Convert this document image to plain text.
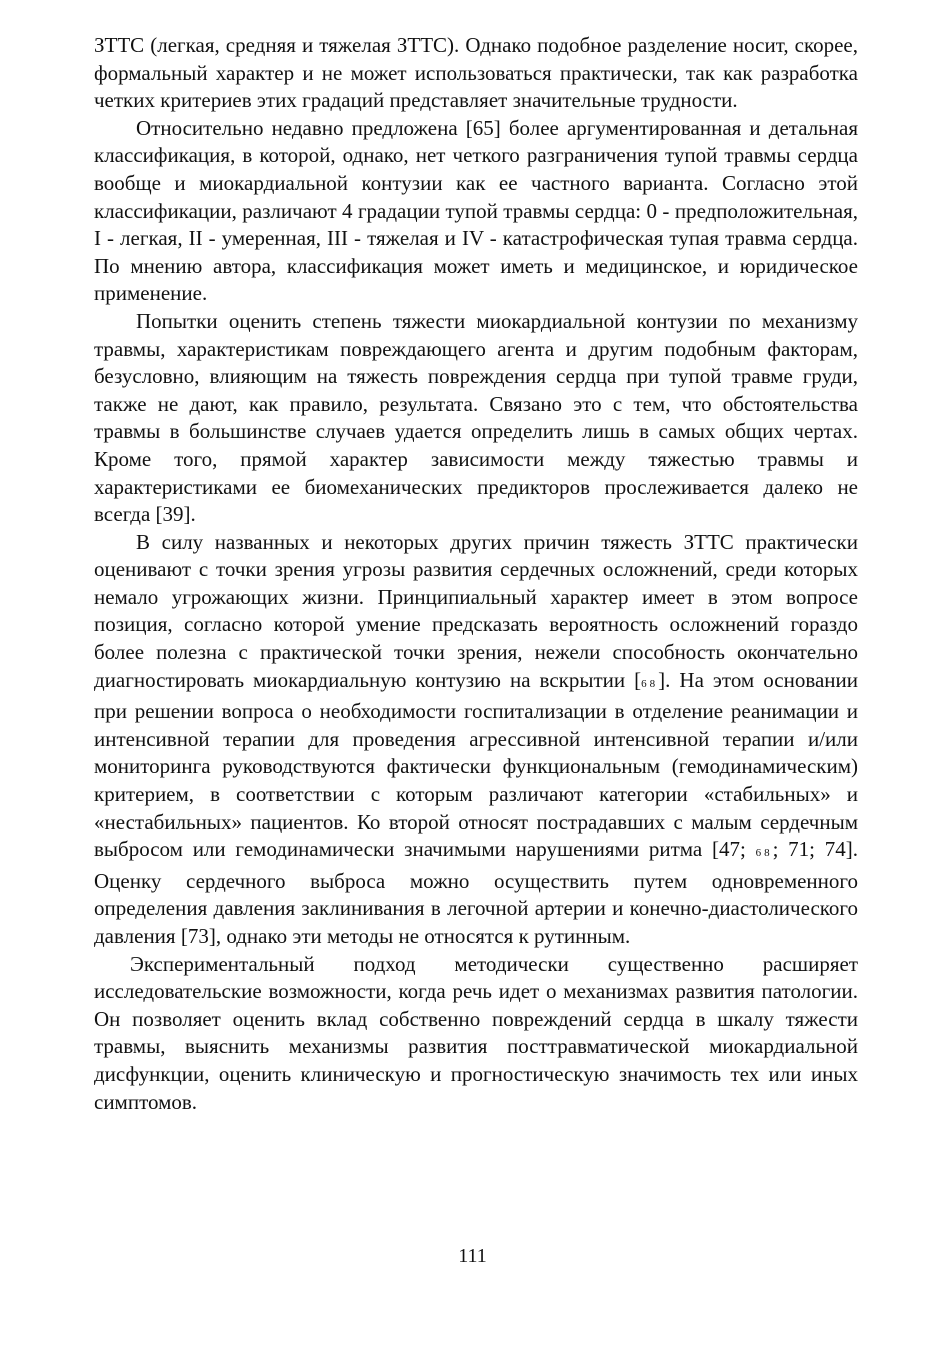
ЗТТС (легкая, средняя и тяжелая ЗТТС). Однако подобное разделение носит, скорее, формальный характер и не может использоваться практически, так как разработка четких критериев этих градаций представляет значительные трудности.

Относительно недавно предложена [65] более аргументированная и детальная классификация, в которой, однако, нет четкого разграничения тупой травмы сердца вообще и миокардиальной контузии как ее частного варианта. Согласно этой классификации, различают 4 градации тупой травмы сердца: 0 - предположительная, I - легкая, II - умеренная, III - тяжелая и IV - катастрофическая тупая травма сердца. По мнению автора, классификация может иметь и медицинское, и юридическое применение.

Попытки оценить степень тяжести миокардиальной контузии по механизму травмы, характеристикам повреждающего агента и другим подобным факторам, безусловно, влияющим на тяжесть повреждения сердца при тупой травме груди, также не дают, как правило, результата. Связано это с тем, что обстоятельства травмы в большинстве случаев удается определить лишь в самых общих чертах. Кроме того, прямой характер зависимости между тяжестью травмы и характеристиками ее биомеханических предикторов прослеживается далеко не всегда [39].

В силу названных и некоторых других причин тяжесть ЗТТС практически оценивают с точки зрения угрозы развития сердечных осложнений, среди которых немало угрожающих жизни. Принципиальный характер имеет в этом вопросе позиция, согласно которой умение предсказать вероятность осложнений гораздо более полезна с практической точки зрения, нежели способность окончательно диагностировать миокардиальную контузию на вскрытии [68]. На этом основании при решении вопроса о необходимости госпитализации в отделение реанимации и интенсивной терапии для проведения агрессивной интенсивной терапии и/или мониторинга руководствуются фактически функциональным (гемодинамическим) критерием, в соответствии с которым различают категории «стабильных» и «нестабильных» пациентов. Ко второй относят пострадавших с малым сердечным выбросом или гемодинамически значимыми нарушениями ритма [47; 68; 71; 74]. Оценку сердечного выброса можно осуществить путем одновременного определения давления заклинивания в легочной артерии и конечно-диастолического давления [73], однако эти методы не относятся к рутинным.

Экспериментальный подход методически существенно расширяет исследовательские возможности, когда речь идет о механизмах развития патологии. Он позволяет оценить вклад собственно повреждений сердца в шкалу тяжести травмы, выяснить механизмы развития посттравматической миокардиальной дисфункции, оценить клиническую и прогностическую значимость тех или иных симптомов.

111
